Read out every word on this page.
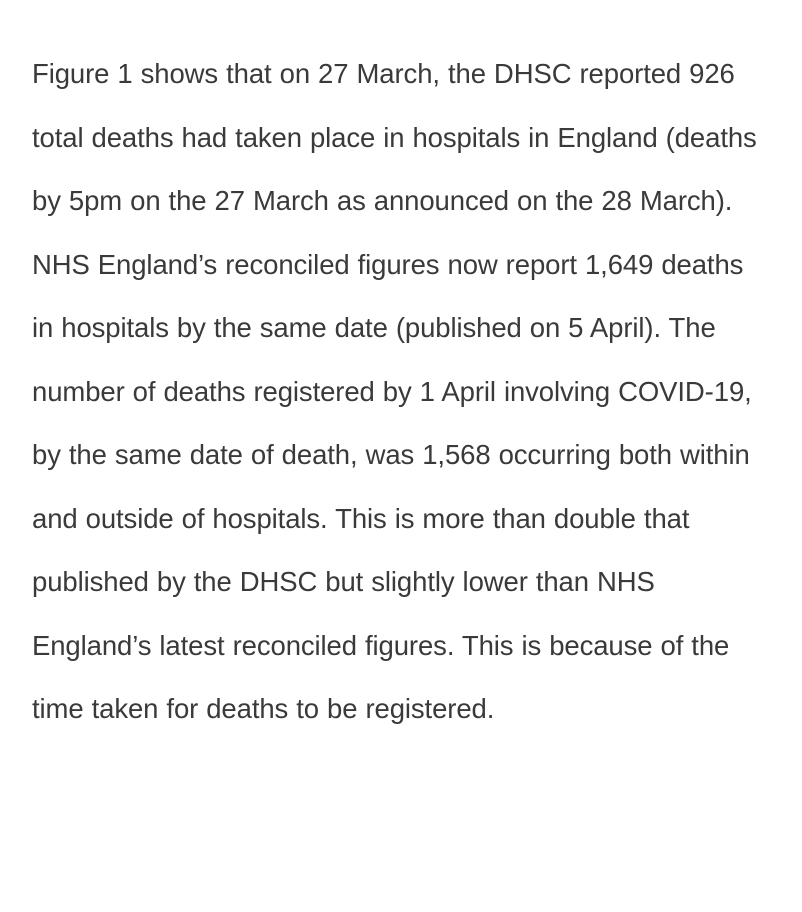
Figure 1 shows that on 27 March, the DHSC reported 926 total deaths had taken place in hospitals in England (deaths by 5pm on the 27 March as announced on the 28 March). NHS England’s reconciled figures now report 1,649 deaths in hospitals by the same date (published on 5 April). The number of deaths registered by 1 April involving COVID-19, by the same date of death, was 1,568 occurring both within and outside of hospitals. This is more than double that published by the DHSC but slightly lower than NHS England’s latest reconciled figures. This is because of the time taken for deaths to be registered.
